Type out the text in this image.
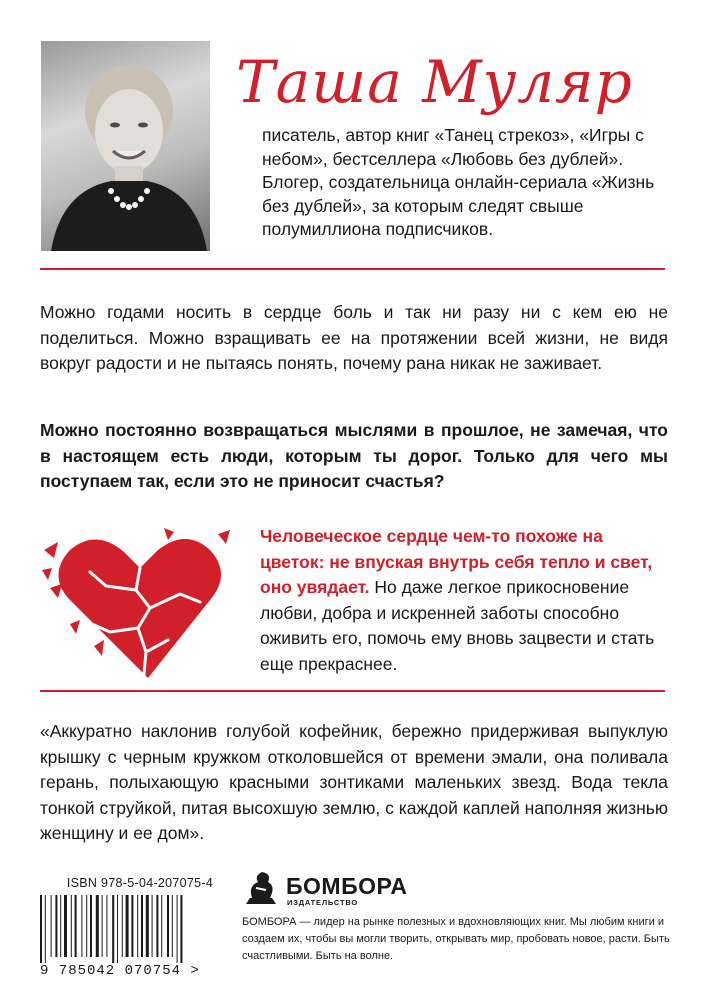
Таша Муляр
писатель, автор книг «Танец стрекоз», «Игры с небом», бестселлера «Любовь без дублей». Блогер, создательница онлайн-сериала «Жизнь без дублей», за которым следят свыше полумиллиона подписчиков.
Можно годами носить в сердце боль и так ни разу ни с кем ею не поделиться. Можно взращивать ее на протяжении всей жизни, не видя вокруг радости и не пытаясь понять, почему рана никак не заживает.
Можно постоянно возвращаться мыслями в прошлое, не замечая, что в настоящем есть люди, которым ты дорог. Только для чего мы поступаем так, если это не приносит счастья?
Человеческое сердце чем-то похоже на цветок: не впуская внутрь себя тепло и свет, оно увядает. Но даже легкое прикосновение любви, добра и искренней заботы способно оживить его, помочь ему вновь зацвести и стать еще прекраснее.
«Аккуратно наклонив голубой кофейник, бережно придерживая выпуклую крышку с черным кружком отколовшейся от времени эмали, она поливала герань, полыхающую красными зонтиками маленьких звезд. Вода текла тонкой струйкой, питая высохшую землю, с каждой каплей наполняя жизнью женщину и ее дом».
ISBN 978-5-04-207075-4
9 785042 070754 >
БОМБОРА
ИЗДАТЕЛЬСТВО
БОМБОРА — лидер на рынке полезных и вдохновляющих книг. Мы любим книги и создаем их, чтобы вы могли творить, открывать мир, пробовать новое, расти. Быть счастливыми. Быть на волне.
